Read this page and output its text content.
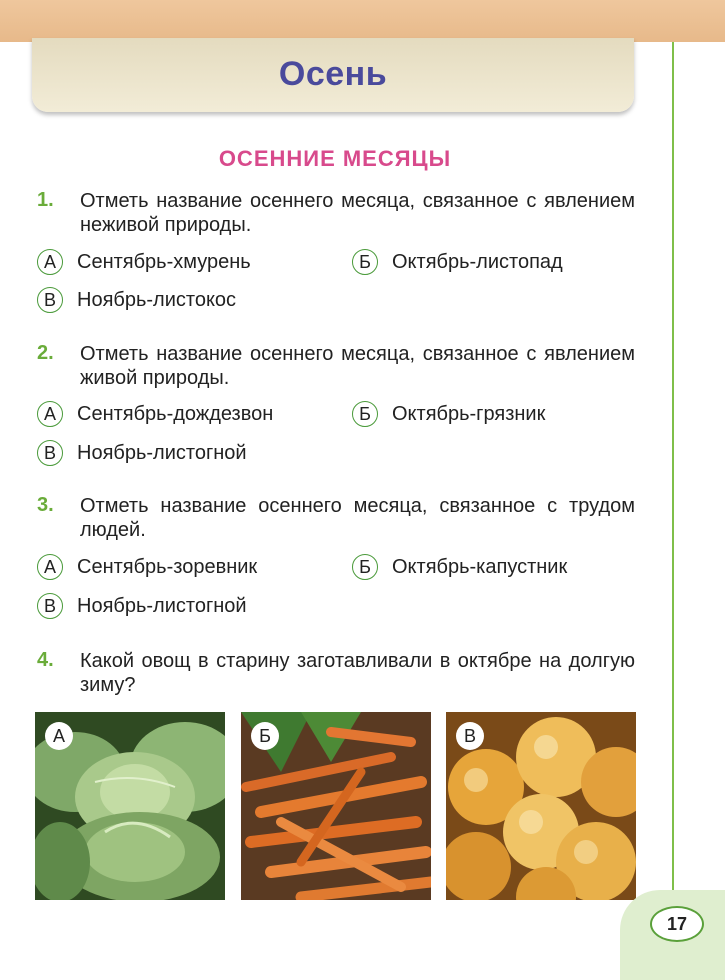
Осень
ОСЕННИЕ МЕСЯЦЫ
1. Отметь название осеннего месяца, связанное с явлением неживой природы.
А	Сентябрь-хмурень	Б	Октябрь-листопад
В	Ноябрь-листокос
2. Отметь название осеннего месяца, связанное с явлением живой природы.
А	Сентябрь-дождезвон	Б	Октябрь-грязник
В	Ноябрь-листогной
3. Отметь название осеннего месяца, связанное с трудом людей.
А	Сентябрь-зоревник	Б	Октябрь-капустник
В	Ноябрь-листогной
4. Какой овощ в старину заготавливали в октябре на долгую зиму?
А	Б	В
17
